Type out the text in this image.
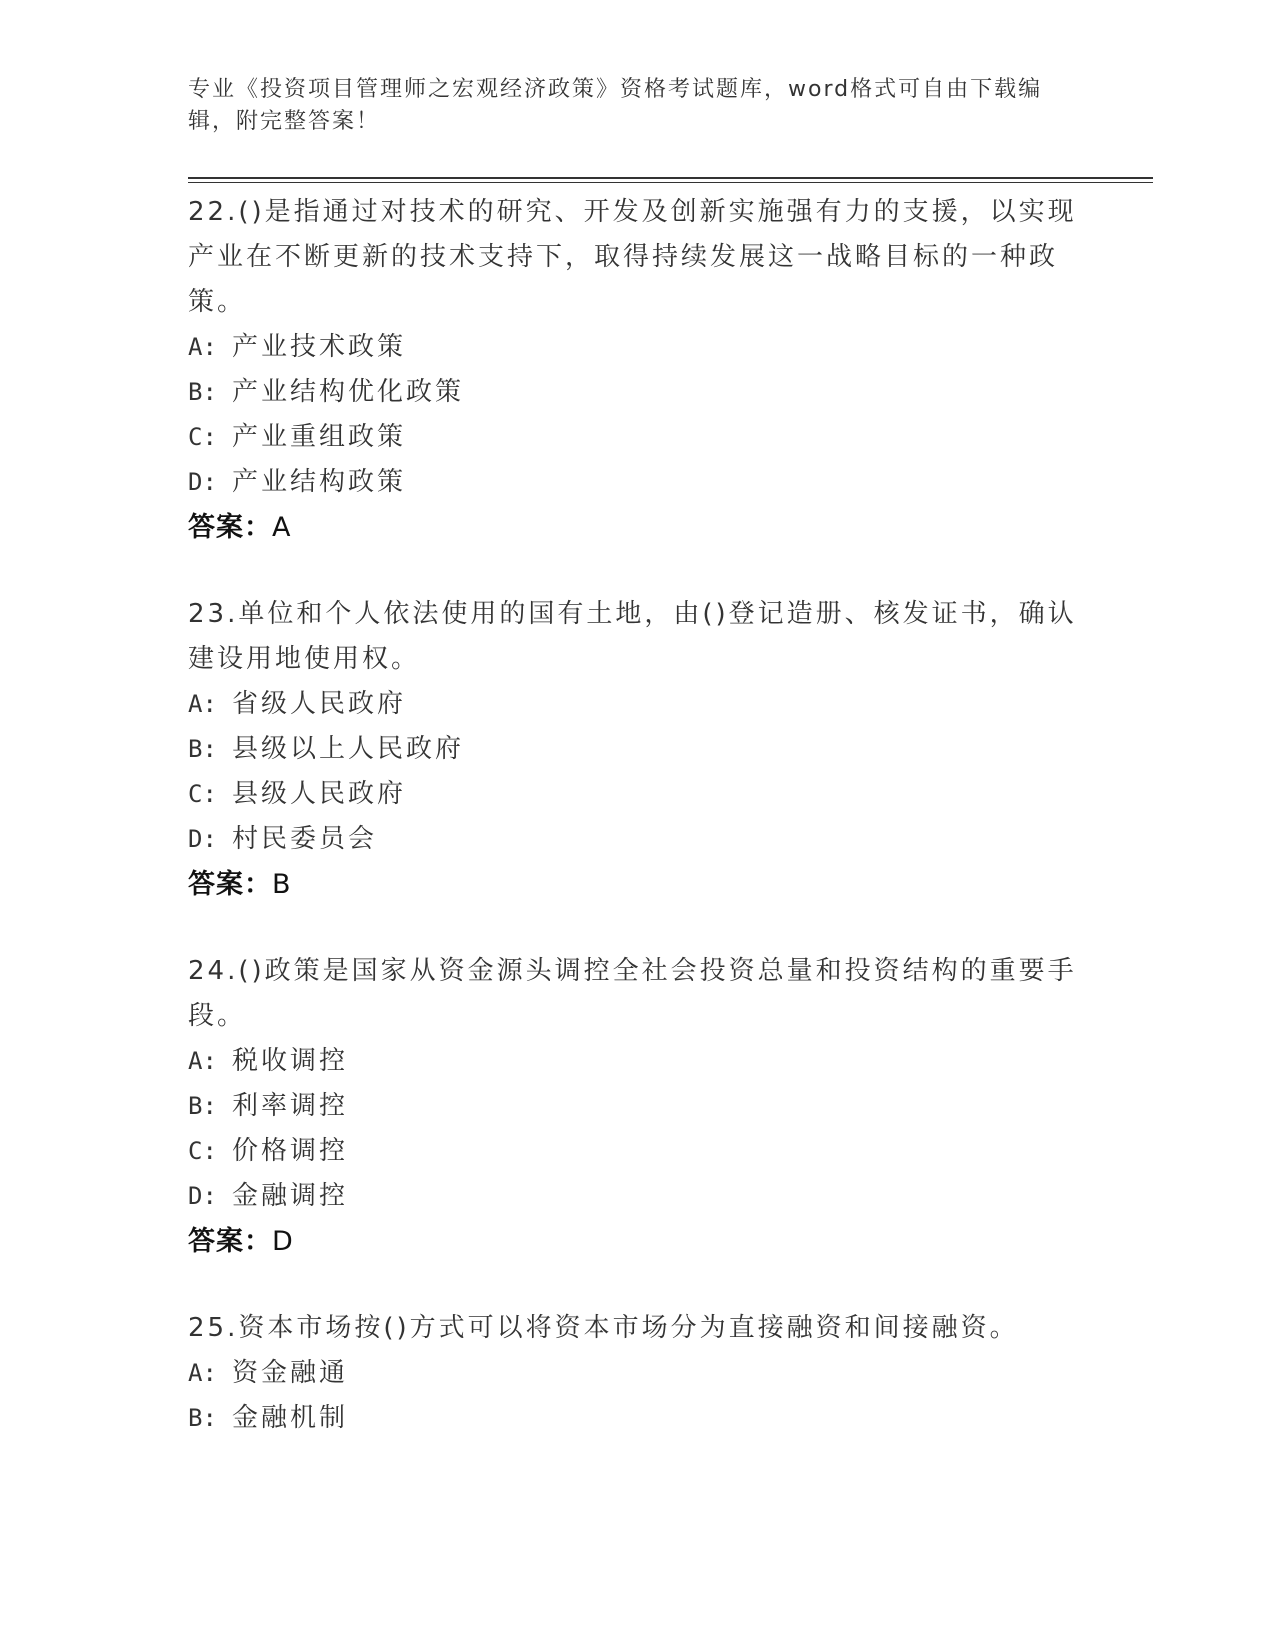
专业《投资项目管理师之宏观经济政策》资格考试题库，word格式可自由下载编辑，附完整答案！

22.()是指通过对技术的研究、开发及创新实施强有力的支援，以实现产业在不断更新的技术支持下，取得持续发展这一战略目标的一种政策。

A: 产业技术政策

B: 产业结构优化政策

C: 产业重组政策

D: 产业结构政策

答案：A

23.单位和个人依法使用的国有土地，由()登记造册、核发证书，确认建设用地使用权。

A: 省级人民政府

B: 县级以上人民政府

C: 县级人民政府

D: 村民委员会

答案：B

24.()政策是国家从资金源头调控全社会投资总量和投资结构的重要手段。

A: 税收调控

B: 利率调控

C: 价格调控

D: 金融调控

答案：D

25.资本市场按()方式可以将资本市场分为直接融资和间接融资。

A: 资金融通

B: 金融机制
